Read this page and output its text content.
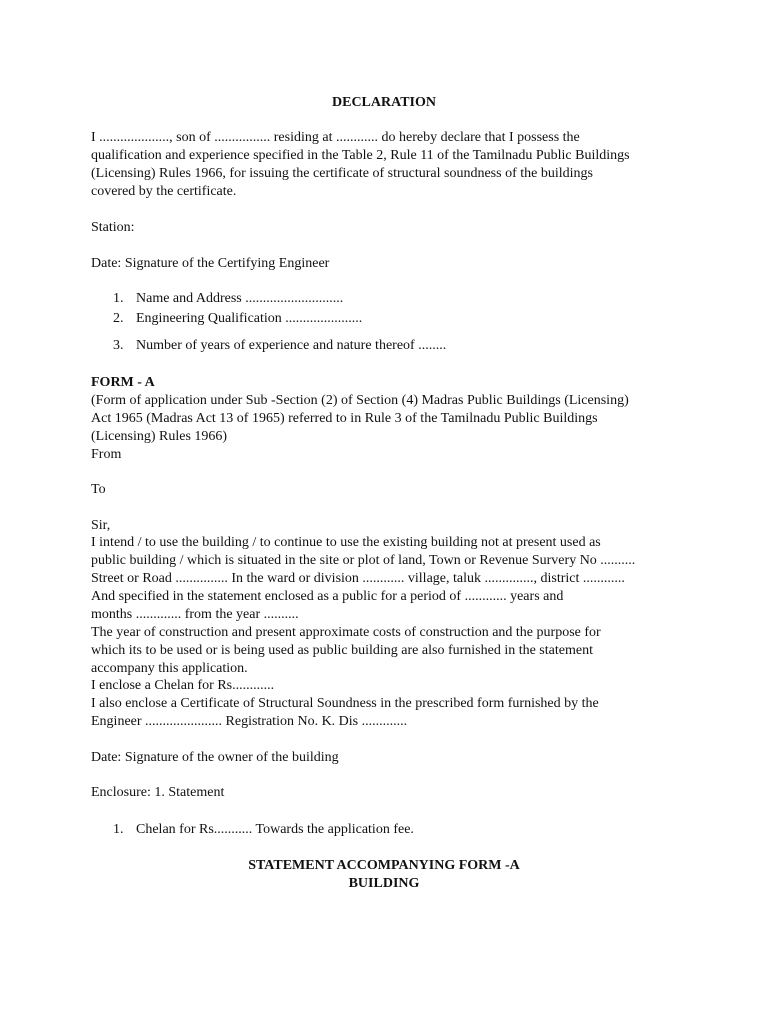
DECLARATION
I ...................., son of ................ residing at ............ do hereby declare that I possess the
qualification and experience specified in the Table 2, Rule 11 of the Tamilnadu Public Buildings
(Licensing) Rules 1966, for issuing the certificate of structural soundness of the buildings
covered by the certificate.
Station:
Date: Signature of the Certifying Engineer
1. Name and Address ............................
2. Engineering Qualification ......................
3. Number of years of experience and nature thereof ........
FORM - A
(Form of application under Sub -Section (2) of Section (4) Madras Public Buildings (Licensing)
Act 1965 (Madras Act 13 of 1965) referred to in Rule 3 of the Tamilnadu Public Buildings
(Licensing) Rules 1966)
From
To
Sir,
I intend / to use the building / to continue to use the existing building not at present used as
public building / which is situated in the site or plot of land, Town or Revenue Survery No ..........
Street or Road ............... In the ward or division ............ village, taluk .............., district ............
And specified in the statement enclosed as a public for a period of ............ years and
months ............. from the year ..........
The year of construction and present approximate costs of construction and the purpose for
which its to be used or is being used as public building are also furnished in the statement
accompany this application.
I enclose a Chelan for Rs............
I also enclose a Certificate of Structural Soundness in the prescribed form furnished by the
Engineer ...................... Registration No. K. Dis .............
Date: Signature of the owner of the building
Enclosure: 1. Statement
1. Chelan for Rs........... Towards the application fee.
STATEMENT ACCOMPANYING FORM -A
BUILDING
